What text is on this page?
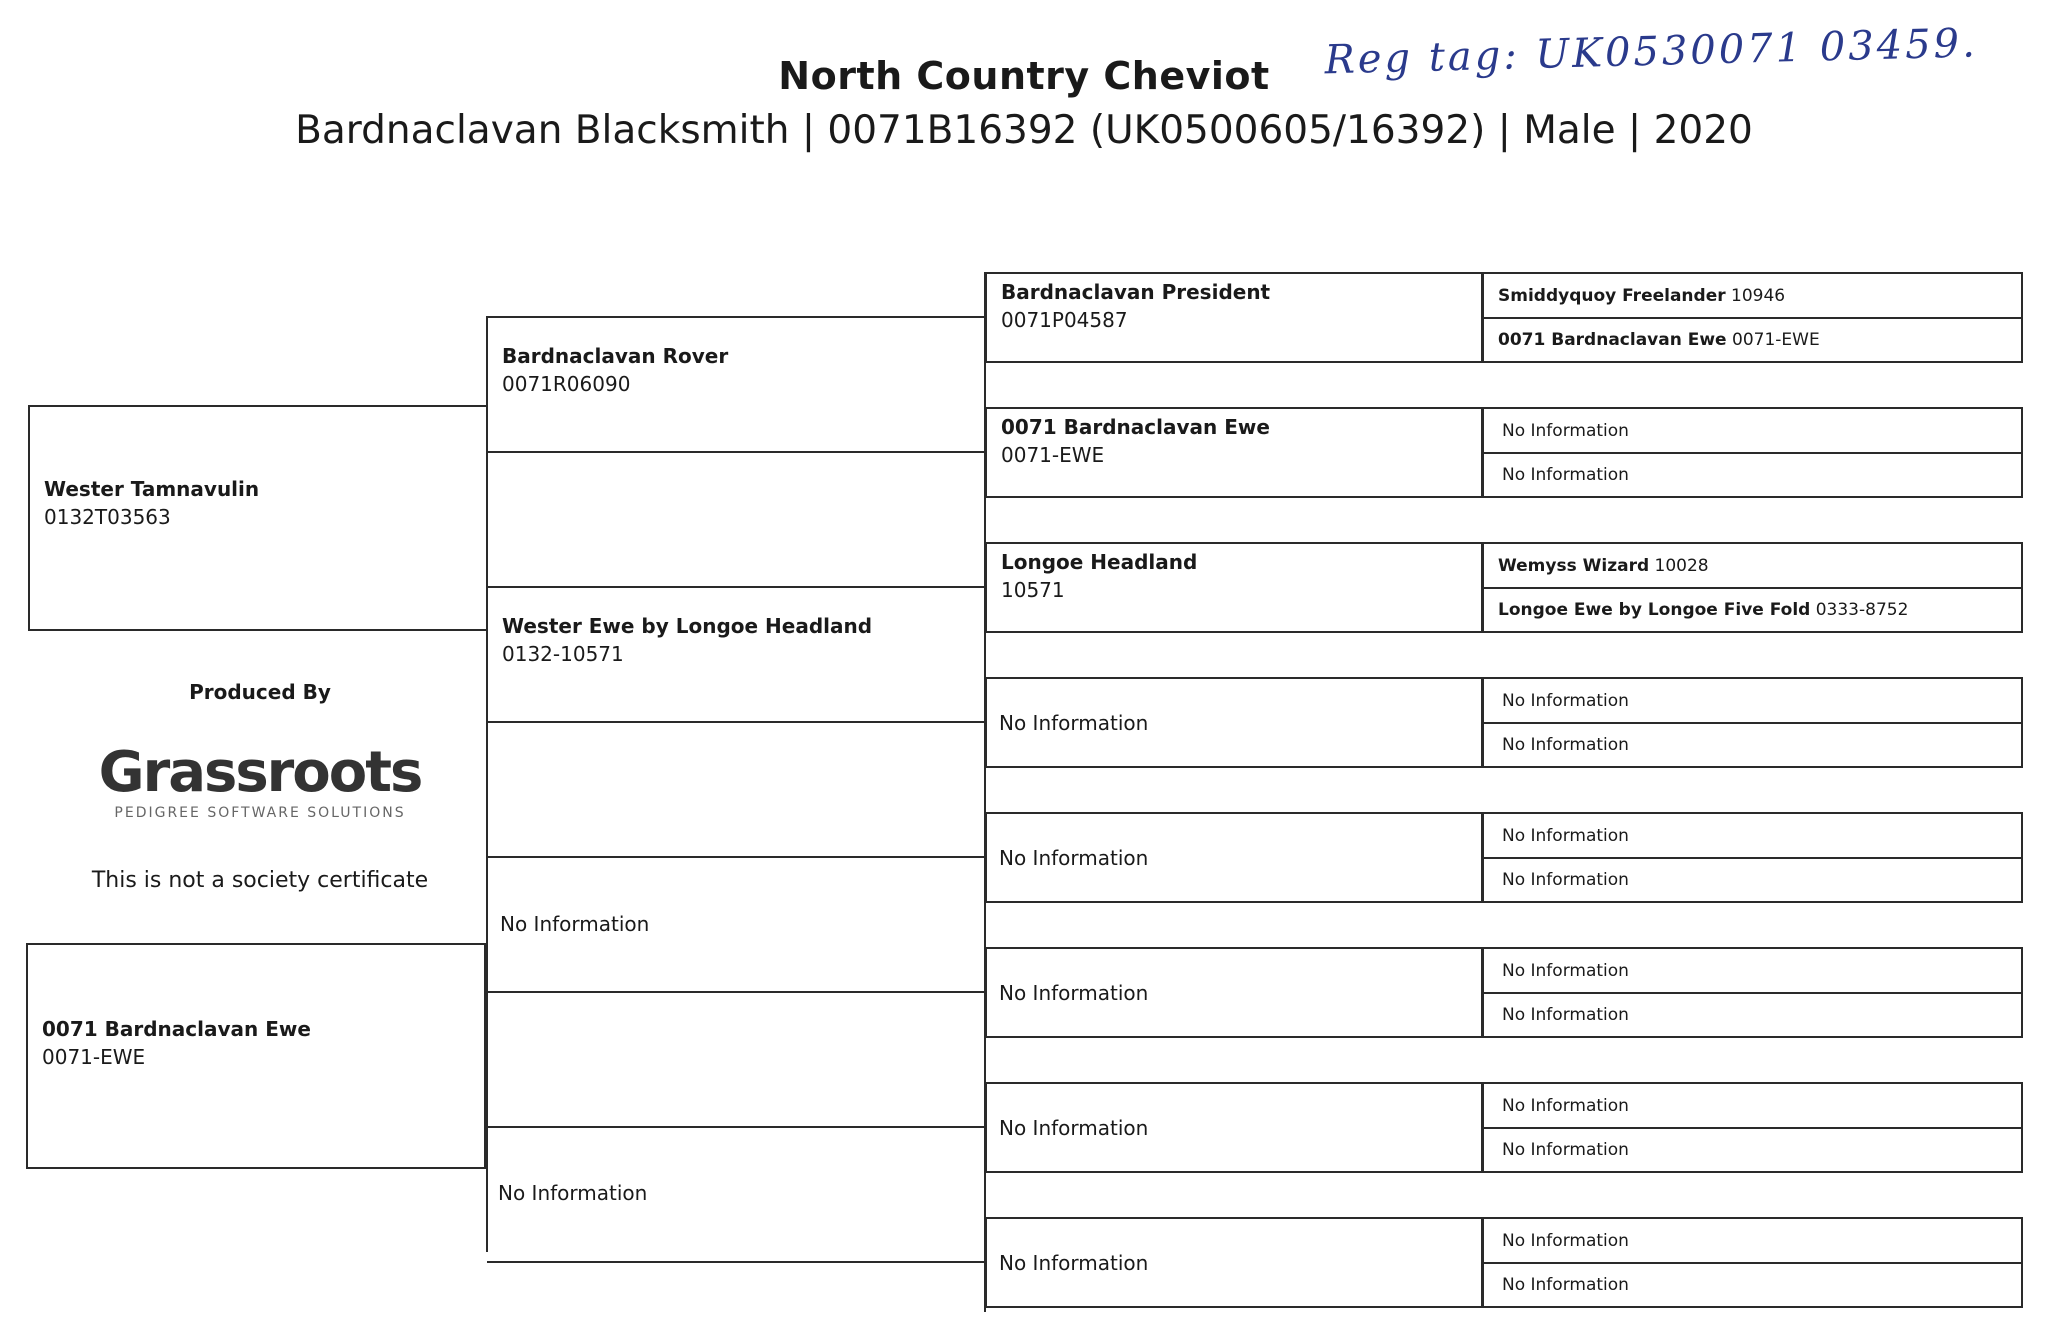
North Country Cheviot
Bardnaclavan Blacksmith | 0071B16392 (UK0500605/16392) | Male | 2020
Reg tag: UK0530071 03459.
Wester Tamnavulin
0132T03563
0071 Bardnaclavan Ewe
0071-EWE
Bardnaclavan Rover
0071R06090
Wester Ewe by Longoe Headland
0132-10571
No Information
No Information
Bardnaclavan President
0071P04587
Smiddyquoy Freelander 10946
0071 Bardnaclavan Ewe 0071-EWE
0071 Bardnaclavan Ewe
0071-EWE
No Information
No Information
Longoe Headland
10571
Wemyss Wizard 10028
Longoe Ewe by Longoe Five Fold 0333-8752
No Information
No Information
No Information
No Information
No Information
No Information
No Information
No Information
No Information
No Information
No Information
No Information
No Information
No Information
No Information
Produced By
Grassroots
PEDIGREE SOFTWARE SOLUTIONS
This is not a society certificate
